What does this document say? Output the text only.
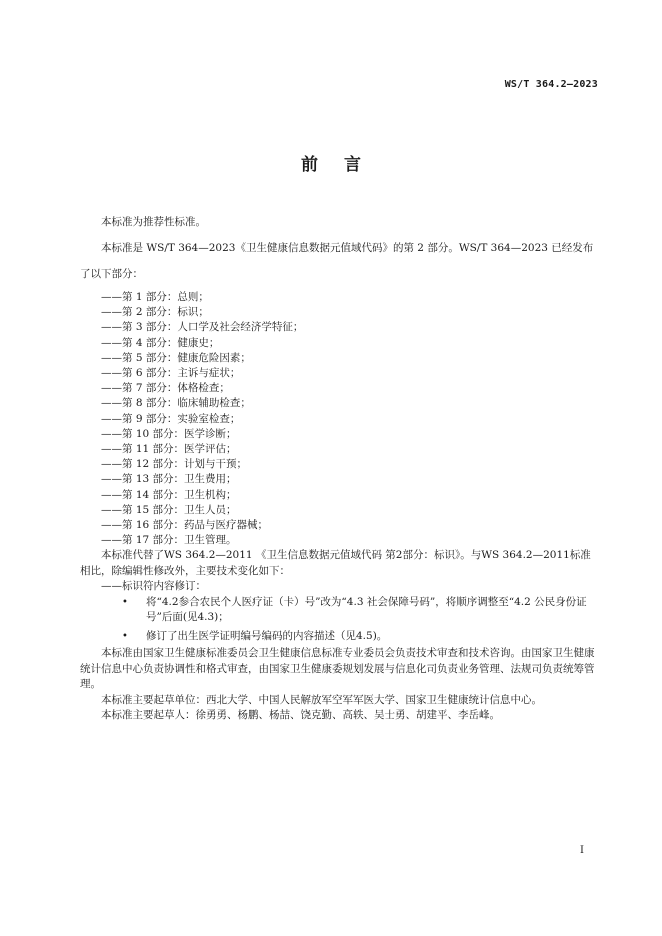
WS/T 364.2—2023
前言

本标准为推荐性标准。

本标准是 WS/T 364—2023《卫生健康信息数据元值域代码》的第 2 部分。WS/T 364—2023 已经发布了以下部分：

——第 1 部分：总则；
——第 2 部分：标识；
——第 3 部分：人口学及社会经济学特征；
——第 4 部分：健康史；
——第 5 部分：健康危险因素；
——第 6 部分：主诉与症状；
——第 7 部分：体格检查；
——第 8 部分：临床辅助检查；
——第 9 部分：实验室检查；
——第 10 部分：医学诊断；
——第 11 部分：医学评估；
——第 12 部分：计划与干预；
——第 13 部分：卫生费用；
——第 14 部分：卫生机构；
——第 15 部分：卫生人员；
——第 16 部分：药品与医疗器械；
——第 17 部分：卫生管理。

本标准代替了WS 364.2—2011 《卫生信息数据元值域代码 第2部分：标识》。与WS 364.2—2011标准相比，除编辑性修改外，主要技术变化如下：

——标识符内容修订：
• 将“4.2参合农民个人医疗证（卡）号”改为“4.3 社会保障号码”，将顺序调整至“4.2 公民身份证号”后面(见4.3)；
• 修订了出生医学证明编号编码的内容描述（见4.5)。

本标准由国家卫生健康标准委员会卫生健康信息标准专业委员会负责技术审查和技术咨询。由国家卫生健康统计信息中心负责协调性和格式审查，由国家卫生健康委规划发展与信息化司负责业务管理、法规司负责统筹管理。

本标准主要起草单位：西北大学、中国人民解放军空军军医大学、国家卫生健康统计信息中心。

本标准主要起草人：徐勇勇、杨鹏、杨喆、饶克勤、高轶、吴士勇、胡建平、李岳峰。

I
